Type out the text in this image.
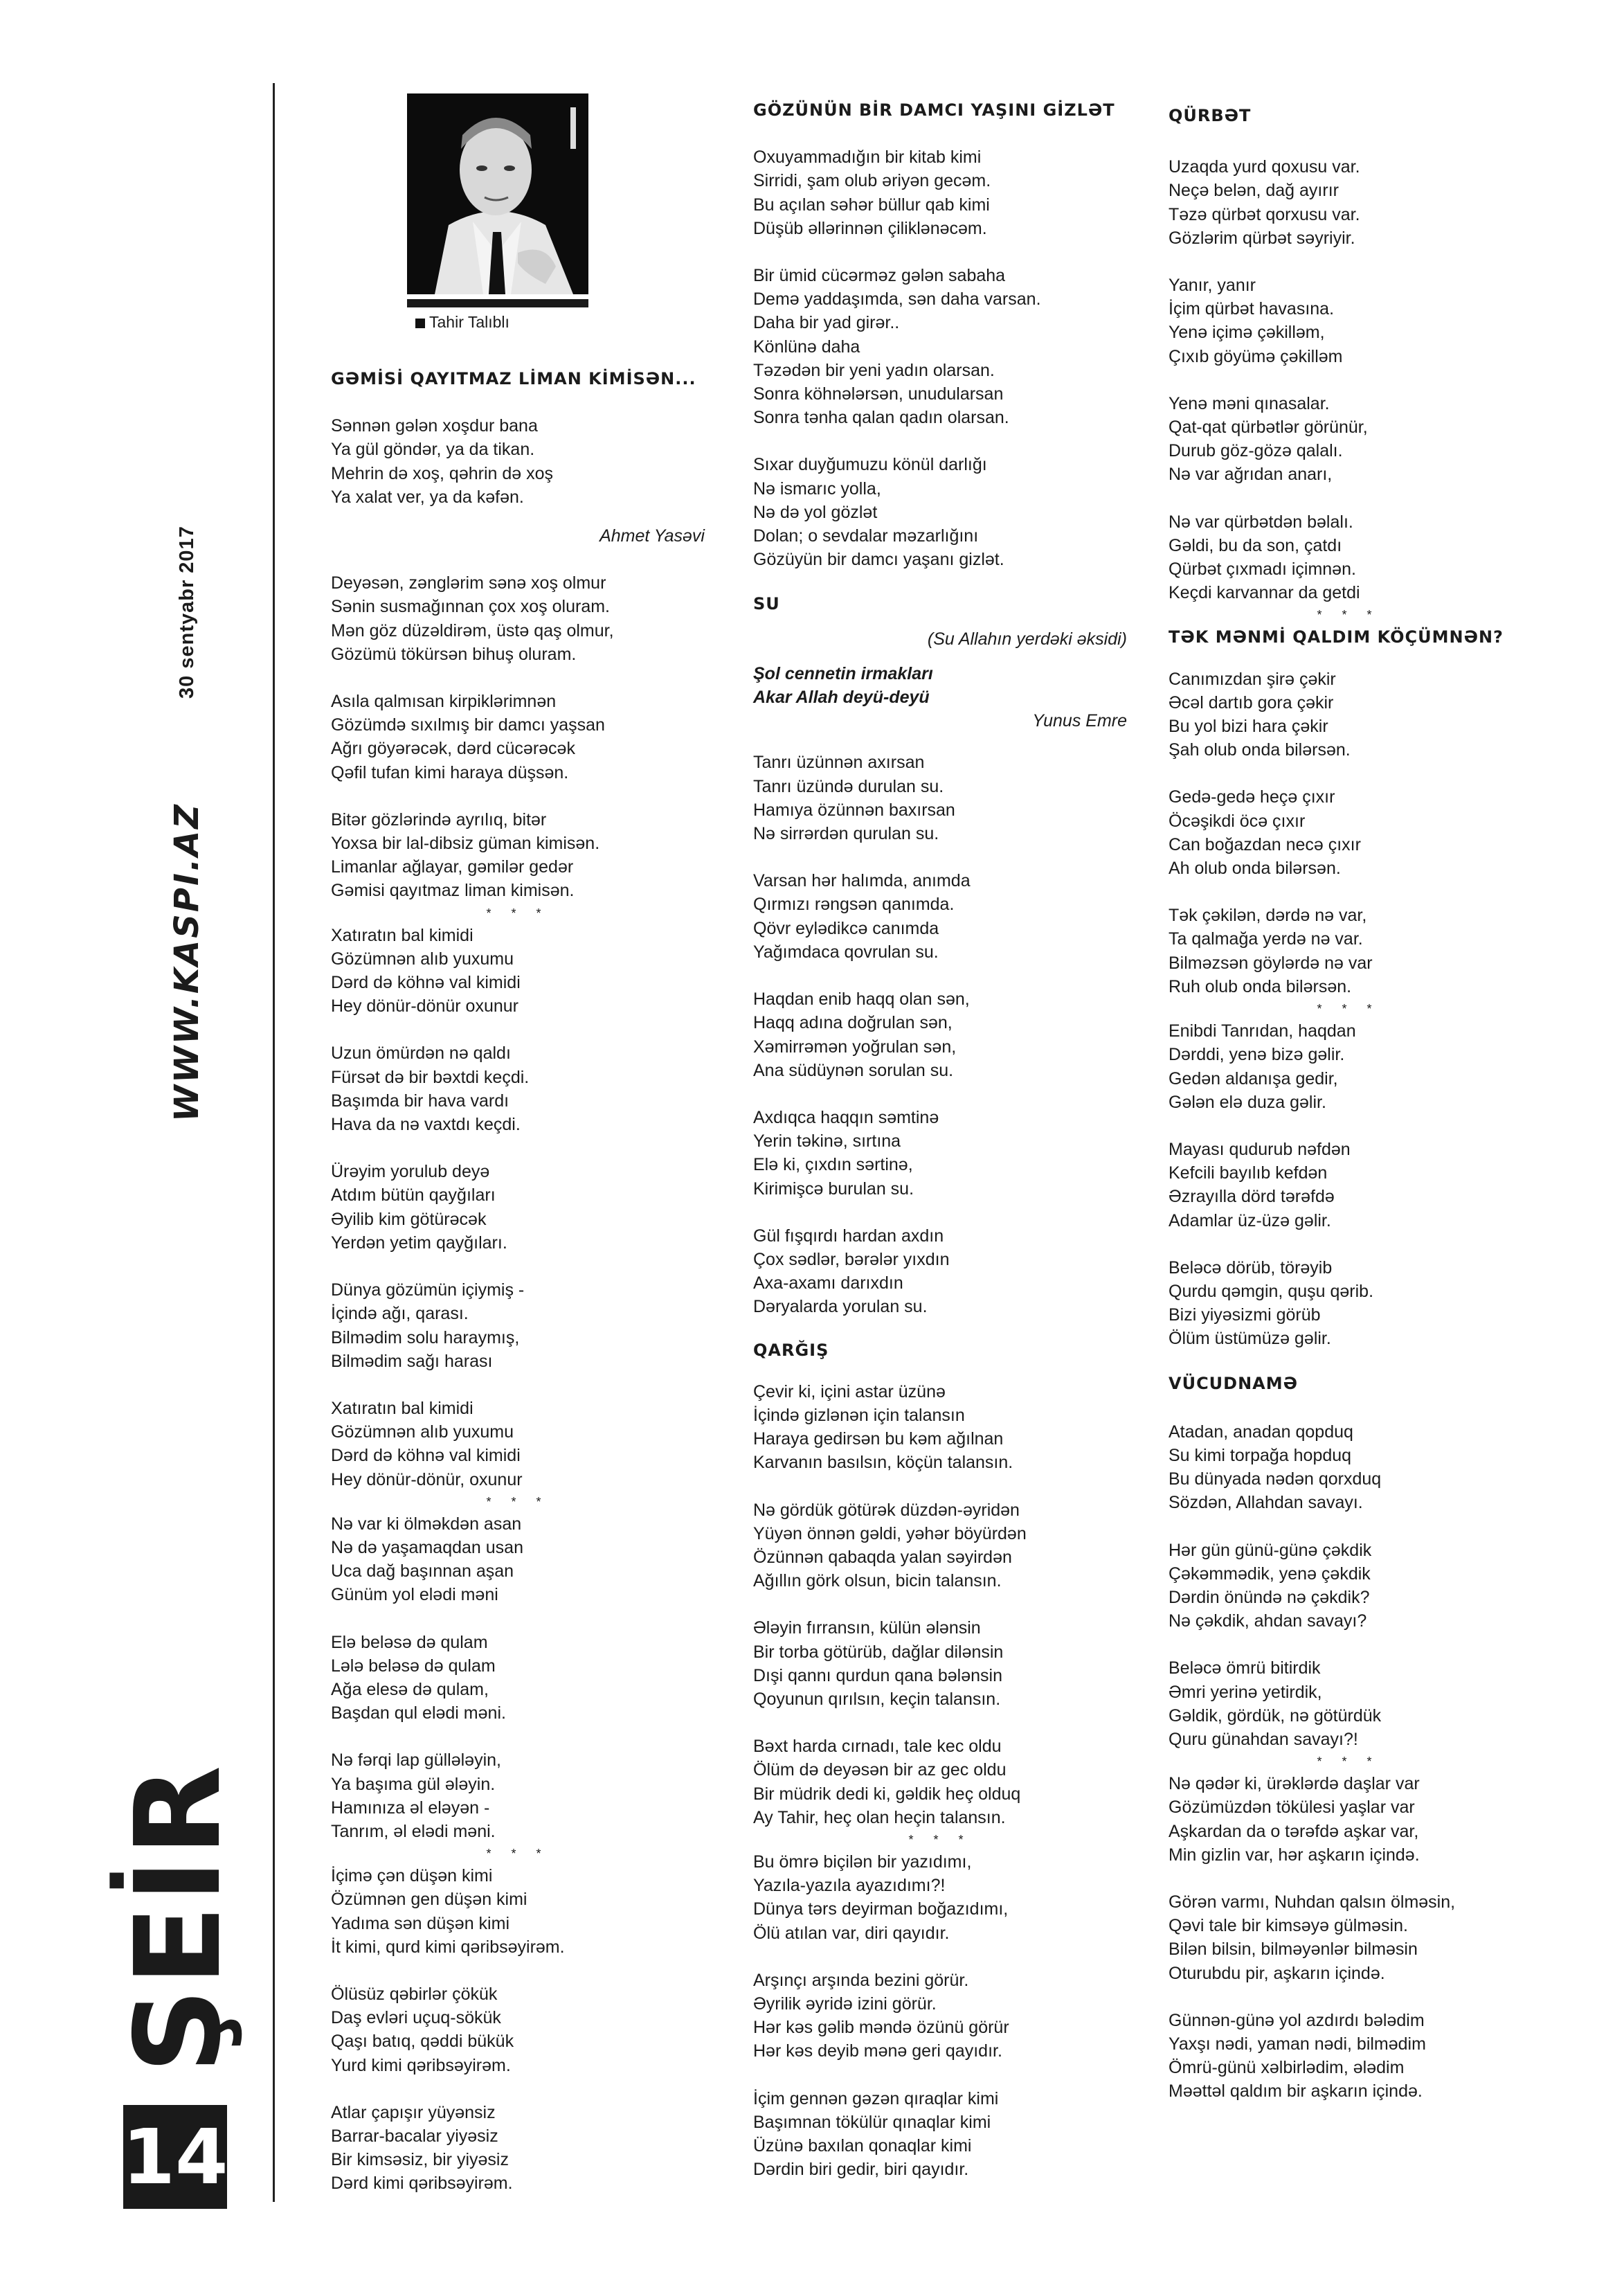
WWW.KASPI.AZ
30 sentyabr 2017
ŞEİR
14
Tahir Talıblı

GƏMİSİ QAYITMAZ LİMAN KİMİSƏN...

Sənnən gələn xoşdur bana

Ya gül göndər, ya da tikan.

Mehrin də xoş, qəhrin də xoş

Ya xalat ver, ya da kəfən.

Ahmet Yasəvi

Deyəsən, zənglərim sənə xoş olmur

Sənin susmağınnan çox xoş oluram.

Mən göz düzəldirəm, üstə qaş olmur,

Gözümü tökürsən bihuş oluram.

Asıla qalmısan kirpiklərimnən

Gözümdə sıxılmış bir damcı yaşsan

Ağrı göyərəcək, dərd cücərəcək

Qəfil tufan kimi haraya düşsən.

Bitər gözlərində ayrılıq, bitər

Yoxsa bir lal-dibsiz güman kimisən.

Limanlar ağlayar, gəmilər gedər

Gəmisi qayıtmaz liman kimisən.

* * *

Xatıratın bal kimidi

Gözümnən alıb yuxumu

Dərd də köhnə val kimidi

Hey dönür-dönür oxunur

Uzun ömürdən nə qaldı

Fürsət də bir bəxtdi keçdi.

Başımda bir hava vardı

Hava da nə vaxtdı keçdi.

Ürəyim yorulub deyə

Atdım bütün qayğıları

Əyilib kim götürəcək

Yerdən yetim qayğıları.

Dünya gözümün içiymiş -

İçində ağı, qarası.

Bilmədim solu haraymış,

Bilmədim sağı harası

Xatıratın bal kimidi

Gözümnən alıb yuxumu

Dərd də köhnə val kimidi

Hey dönür-dönür, oxunur

* * *

Nə var ki ölməkdən asan

Nə də yaşamaqdan usan

Uca dağ başınnan aşan

Günüm yol elədi məni

Elə beləsə də qulam

Lələ beləsə də qulam

Ağa elesə də qulam,

Başdan qul elədi məni.

Nə fərqi lap güllələyin,

Ya başıma gül ələyin.

Hamınıza əl eləyən -

Tanrım, əl elədi məni.

* * *

İçimə çən düşən kimi

Özümnən gen düşən kimi

Yadıma sən düşən kimi

İt kimi, qurd kimi qəribsəyirəm.

Ölüsüz qəbirlər çökük

Daş evləri uçuq-sökük

Qaşı batıq, qəddi bükük

Yurd kimi qəribsəyirəm.

Atlar çapışır yüyənsiz

Barrar-bacalar yiyəsiz

Bir kimsəsiz, bir yiyəsiz

Dərd kimi qəribsəyirəm.

GÖZÜNÜN BİR DAMCI YAŞINI GİZLƏT

Oxuyammadığın bir kitab kimi

Sirridi, şam olub əriyən gecəm.

Bu açılan səhər büllur qab kimi

Düşüb əllərinnən çiliklənəcəm.

Bir ümid cücərməz gələn sabaha

Demə yaddaşımda, sən daha varsan.

Daha bir yad girər..

Könlünə daha

Təzədən bir yeni yadın olarsan.

Sonra köhnələrsən, unudularsan

Sonra tənha qalan qadın olarsan.

Sıxar duyğumuzu könül darlığı

Nə ismarıc yolla,

Nə də yol gözlət

Dolan; o sevdalar məzarlığını

Gözüyün bir damcı yaşanı gizlət.

SU

(Su Allahın yerdəki əksidi)

Şol cennetin irmakları

Akar Allah deyü-deyü

Yunus Emre

Tanrı üzünnən axırsan

Tanrı üzündə durulan su.

Hamıya özünnən baxırsan

Nə sirrərdən qurulan su.

Varsan hər halımda, anımda

Qırmızı rəngsən qanımda.

Qövr eylədikcə canımda

Yağımdaca qovrulan su.

Haqdan enib haqq olan sən,

Haqq adına doğrulan sən,

Xəmirrəmən yoğrulan sən,

Ana südüynən sorulan su.

Axdıqca haqqın səmtinə

Yerin təkinə, sırtına

Elə ki, çıxdın sərtinə,

Kirimişcə burulan su.

Gül fışqırdı hardan axdın

Çox sədlər, bərələr yıxdın

Axa-axamı darıxdın

Dəryalarda yorulan su.

QARĞIŞ

Çevir ki, içini astar üzünə

İçində gizlənən için talansın

Haraya gedirsən bu kəm ağılnan

Karvanın basılsın, köçün talansın.

Nə gördük götürək düzdən-əyridən

Yüyən önnən gəldi, yəhər böyürdən

Özünnən qabaqda yalan səyirdən

Ağıllın görk olsun, bicin talansın.

Ələyin fırransın, külün ələnsin

Bir torba götürüb, dağlar dilənsin

Dışi qannı qurdun qana bələnsin

Qoyunun qırılsın, keçin talansın.

Bəxt harda cırnadı, tale kec oldu

Ölüm də deyəsən bir az gec oldu

Bir müdrik dedi ki, gəldik heç olduq

Ay Tahir, heç olan heçin talansın.

* * *

Bu ömrə biçilən bir yazıdımı,

Yazıla-yazıla ayazıdımı?!

Dünya tərs deyirman boğazıdımı,

Ölü atılan var, diri qayıdır.

Arşınçı arşında bezini görür.

Əyrilik əyridə izini görür.

Hər kəs gəlib məndə özünü görür

Hər kəs deyib mənə geri qayıdır.

İçim gennən gəzən qıraqlar kimi

Başımnan tökülür qınaqlar kimi

Üzünə baxılan qonaqlar kimi

Dərdin biri gedir, biri qayıdır.

QÜRBƏT

Uzaqda yurd qoxusu var.

Neçə belən, dağ ayırır

Təzə qürbət qorxusu var.

Gözlərim qürbət səyriyir.

Yanır, yanır

İçim qürbət havasına.

Yenə içimə çəkilləm,

Çıxıb göyümə çəkilləm

Yenə məni qınasalar.

Qat-qat qürbətlər görünür,

Durub göz-gözə qalalı.

Nə var ağrıdan anarı,

Nə var qürbətdən bəlalı.

Gəldi, bu da son, çatdı

Qürbət çıxmadı içimnən.

Keçdi karvannar da getdi

* * *

TƏK MƏNMİ QALDIM KÖÇÜMNƏN?

Canımızdan şirə çəkir

Əcəl dartıb gora çəkir

Bu yol bizi hara çəkir

Şah olub onda bilərsən.

Gedə-gedə heçə çıxır

Öcəşikdi öcə çıxır

Can boğazdan necə çıxır

Ah olub onda bilərsən.

Tək çəkilən, dərdə nə var,

Ta qalmağa yerdə nə var.

Bilməzsən göylərdə nə var

Ruh olub onda bilərsən.

* * *

Enibdi Tanrıdan, haqdan

Dərddi, yenə bizə gəlir.

Gedən aldanışa gedir,

Gələn elə duza gəlir.

Mayası qudurub nəfdən

Kefcili bayılıb kefdən

Əzrayıllа dörd tərəfdə

Adamlar üz-üzə gəlir.

Beləcə dörüb, törəyib

Qurdu qəmgin, quşu qərib.

Bizi yiyəsizmi görüb

Ölüm üstümüzə gəlir.

VÜCUDNAMƏ

Atadan, anadan qopduq

Su kimi torpağa hopduq

Bu dünyada nədən qorxduq

Sözdən, Allahdan savayı.

Hər gün günü-günə çəkdik

Çəkəmmədik, yenə çəkdik

Dərdin önündə nə çəkdik?

Nə çəkdik, ahdan savayı?

Beləcə ömrü bitirdik

Əmri yerinə yetirdik,

Gəldik, gördük, nə götürdük

Quru günahdan savayı?!

* * *

Nə qədər ki, ürəklərdə daşlar var

Gözümüzdən tökülesi yaşlar var

Aşkardan da o tərəfdə aşkar var,

Min gizlin var, hər aşkarın içində.

Görən varmı, Nuhdan qalsın ölməsin,

Qəvi tale bir kimsəyə gülməsin.

Bilən bilsin, bilməyənlər bilməsin

Oturubdu pir, aşkarın içində.

Günnən-günə yol azdırdı bələdim

Yaxşı nədi, yaman nədi, bilmədim

Ömrü-günü xəlbirlədim, ələdim

Məəttəl qaldım bir aşkarın içində.
